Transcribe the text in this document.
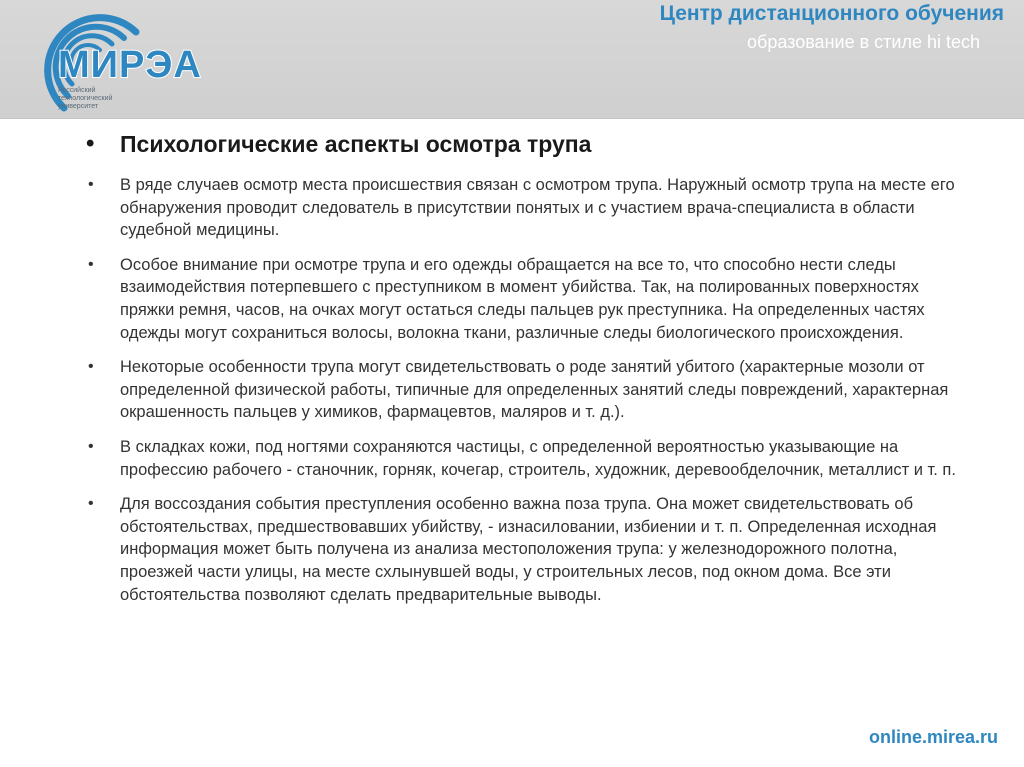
МИРЭА
Российский технологический университет
Центр дистанционного обучения
образование в стиле hi tech
• Психологические аспекты осмотра трупа
• В ряде случаев осмотр места происшествия связан с осмотром трупа. Наружный осмотр трупа на месте его обнаружения проводит следователь в присутствии понятых и с участием врача-специалиста в области судебной медицины.
• Особое внимание при осмотре трупа и его одежды обращается на все то, что способно нести следы взаимодействия потерпевшего с преступником в момент убийства. Так, на полированных поверхностях пряжки ремня, часов, на очках могут остаться следы пальцев рук преступника. На определенных частях одежды могут сохраниться волосы, волокна ткани, различные следы биологического происхождения.
• Некоторые особенности трупа могут свидетельствовать о роде занятий убитого (характерные мозоли от определенной физической работы, типичные для определенных занятий следы повреждений, характерная окрашенность пальцев у химиков, фармацевтов, маляров и т. д.).
• В складках кожи, под ногтями сохраняются частицы, с определенной вероятностью указывающие на профессию рабочего - станочник, горняк, кочегар, строитель, художник, деревообделочник, металлист и т. п.
• Для воссоздания события преступления особенно важна поза трупа. Она может свидетельствовать об обстоятельствах, предшествовавших убийству, - изнасиловании, избиении и т. п. Определенная исходная информация может быть получена из анализа местоположения трупа: у железнодорожного полотна, проезжей части улицы, на месте схлынувшей воды, у строительных лесов, под окном дома. Все эти обстоятельства позволяют сделать предварительные выводы.
online.mirea.ru
